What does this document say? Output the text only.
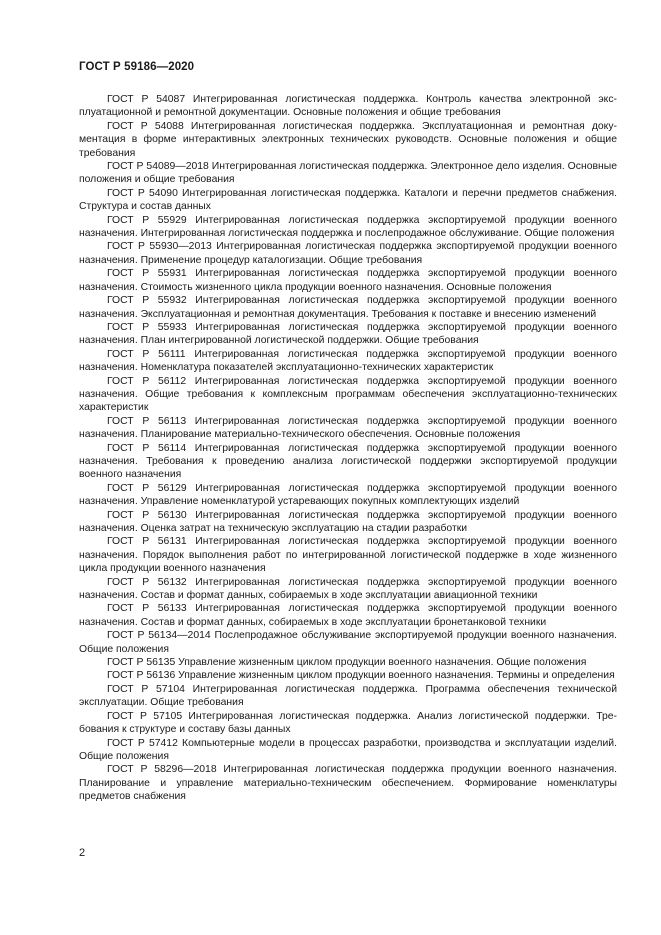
ГОСТ Р 59186—2020
ГОСТ Р 54087 Интегрированная логистическая поддержка. Контроль качества электронной эксплуатационной и ремонтной документации. Основные положения и общие требования
ГОСТ Р 54088 Интегрированная логистическая поддержка. Эксплуатационная и ремонтная документация в форме интерактивных электронных технических руководств. Основные положения и общие требования
ГОСТ Р 54089—2018 Интегрированная логистическая поддержка. Электронное дело изделия. Основные положения и общие требования
ГОСТ Р 54090 Интегрированная логистическая поддержка. Каталоги и перечни предметов снабжения. Структура и состав данных
ГОСТ Р 55929 Интегрированная логистическая поддержка экспортируемой продукции военного назначения. Интегрированная логистическая поддержка и послепродажное обслуживание. Общие положения
ГОСТ Р 55930—2013 Интегрированная логистическая поддержка экспортируемой продукции военного назначения. Применение процедур каталогизации. Общие требования
ГОСТ Р 55931 Интегрированная логистическая поддержка экспортируемой продукции военного назначения. Стоимость жизненного цикла продукции военного назначения. Основные положения
ГОСТ Р 55932 Интегрированная логистическая поддержка экспортируемой продукции военного назначения. Эксплуатационная и ремонтная документация. Требования к поставке и внесению изменений
ГОСТ Р 55933 Интегрированная логистическая поддержка экспортируемой продукции военного назначения. План интегрированной логистической поддержки. Общие требования
ГОСТ Р 56111 Интегрированная логистическая поддержка экспортируемой продукции военного назначения. Номенклатура показателей эксплуатационно-технических характеристик
ГОСТ Р 56112 Интегрированная логистическая поддержка экспортируемой продукции военного назначения. Общие требования к комплексным программам обеспечения эксплуатационно-технических характеристик
ГОСТ Р 56113 Интегрированная логистическая поддержка экспортируемой продукции военного назначения. Планирование материально-технического обеспечения. Основные положения
ГОСТ Р 56114 Интегрированная логистическая поддержка экспортируемой продукции военного назначения. Требования к проведению анализа логистической поддержки экспортируемой продукции военного назначения
ГОСТ Р 56129 Интегрированная логистическая поддержка экспортируемой продукции военного назначения. Управление номенклатурой устаревающих покупных комплектующих изделий
ГОСТ Р 56130 Интегрированная логистическая поддержка экспортируемой продукции военного назначения. Оценка затрат на техническую эксплуатацию на стадии разработки
ГОСТ Р 56131 Интегрированная логистическая поддержка экспортируемой продукции военного назначения. Порядок выполнения работ по интегрированной логистической поддержке в ходе жизненного цикла продукции военного назначения
ГОСТ Р 56132 Интегрированная логистическая поддержка экспортируемой продукции военного назначения. Состав и формат данных, собираемых в ходе эксплуатации авиационной техники
ГОСТ Р 56133 Интегрированная логистическая поддержка экспортируемой продукции военного назначения. Состав и формат данных, собираемых в ходе эксплуатации бронетанковой техники
ГОСТ Р 56134—2014 Послепродажное обслуживание экспортируемой продукции военного назначения. Общие положения
ГОСТ Р 56135 Управление жизненным циклом продукции военного назначения. Общие положения
ГОСТ Р 56136 Управление жизненным циклом продукции военного назначения. Термины и определения
ГОСТ Р 57104 Интегрированная логистическая поддержка. Программа обеспечения технической эксплуатации. Общие требования
ГОСТ Р 57105 Интегрированная логистическая поддержка. Анализ логистической поддержки. Требования к структуре и составу базы данных
ГОСТ Р 57412 Компьютерные модели в процессах разработки, производства и эксплуатации изделий. Общие положения
ГОСТ Р 58296—2018 Интегрированная логистическая поддержка продукции военного назначения. Планирование и управление материально-техническим обеспечением. Формирование номенклатуры предметов снабжения
2
